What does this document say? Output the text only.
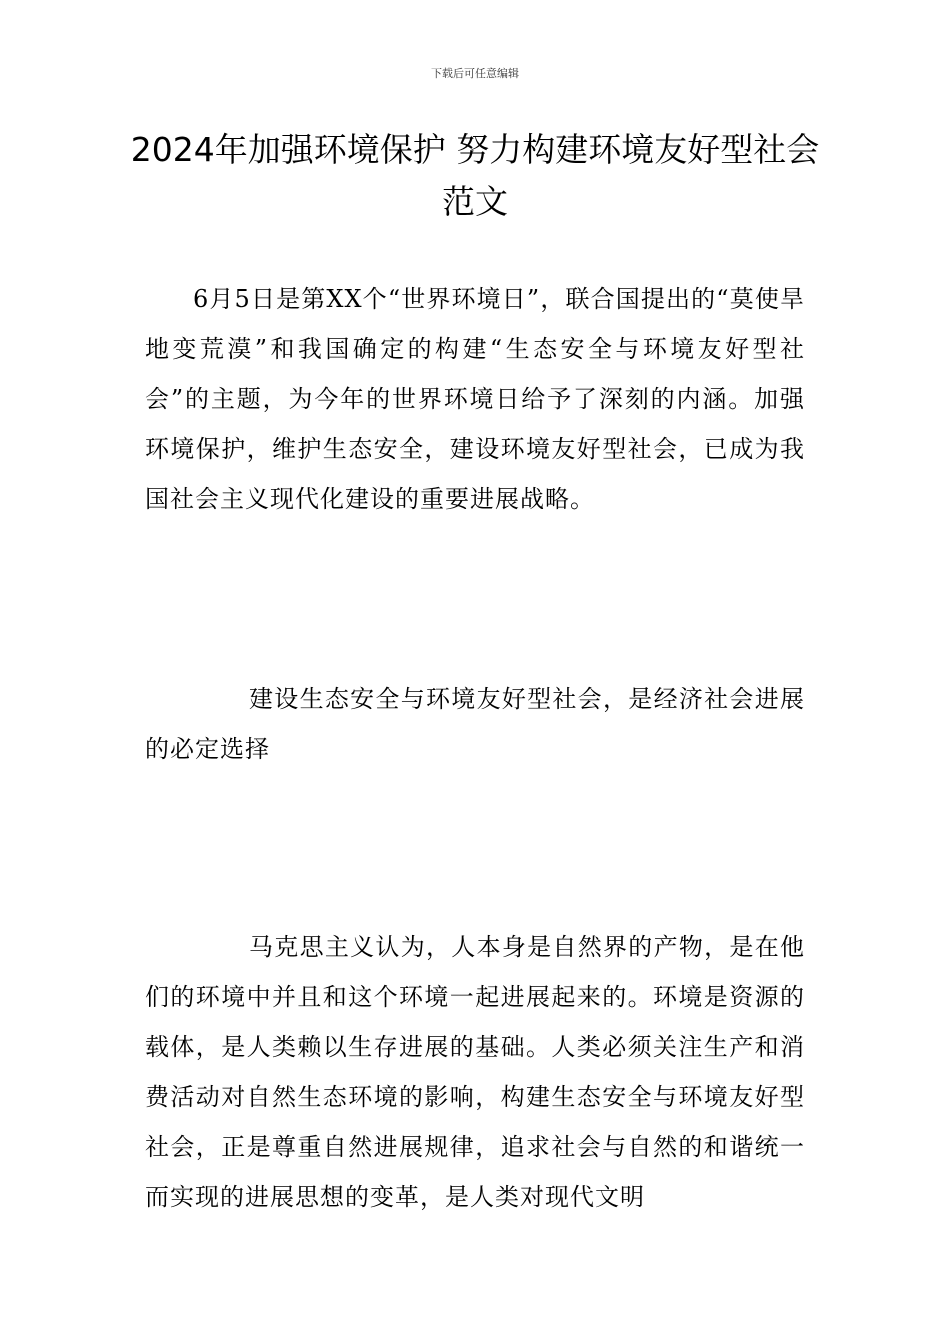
下载后可任意编辑
2024年加强环境保护 努力构建环境友好型社会范文

6月5日是第XX个“世界环境日”，联合国提出的“莫使旱地变荒漠”和我国确定的构建“生态安全与环境友好型社会”的主题，为今年的世界环境日给予了深刻的内涵。加强环境保护，维护生态安全，建设环境友好型社会，已成为我国社会主义现代化建设的重要进展战略。

建设生态安全与环境友好型社会，是经济社会进展的必定选择

马克思主义认为，人本身是自然界的产物，是在他们的环境中并且和这个环境一起进展起来的。环境是资源的载体，是人类赖以生存进展的基础。人类必须关注生产和消费活动对自然生态环境的影响，构建生态安全与环境友好型社会，正是尊重自然进展规律，追求社会与自然的和谐统一而实现的进展思想的变革，是人类对现代文明
